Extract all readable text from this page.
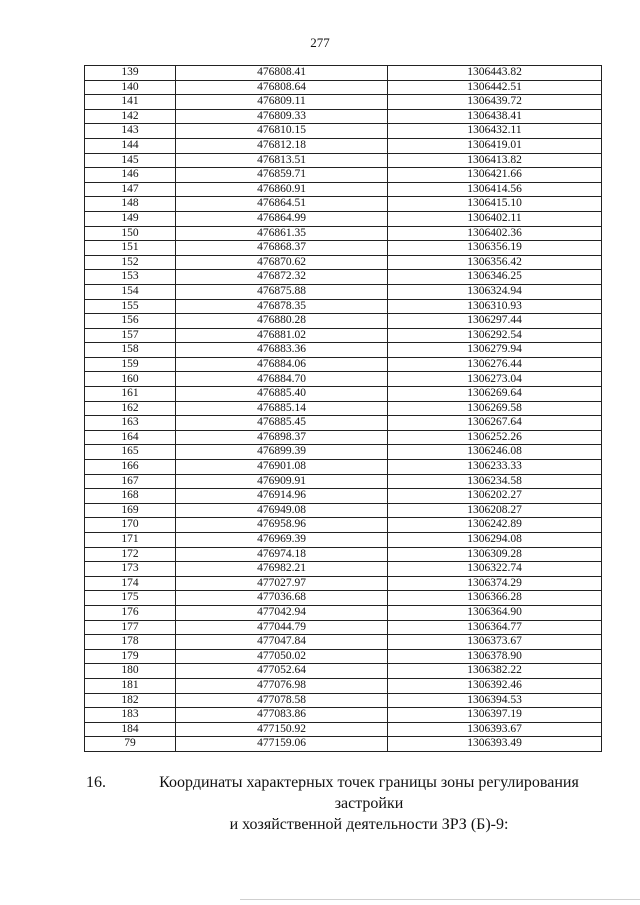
277
139	476808.41	1306443.82
140	476808.64	1306442.51
141	476809.11	1306439.72
142	476809.33	1306438.41
143	476810.15	1306432.11
144	476812.18	1306419.01
145	476813.51	1306413.82
146	476859.71	1306421.66
147	476860.91	1306414.56
148	476864.51	1306415.10
149	476864.99	1306402.11
150	476861.35	1306402.36
151	476868.37	1306356.19
152	476870.62	1306356.42
153	476872.32	1306346.25
154	476875.88	1306324.94
155	476878.35	1306310.93
156	476880.28	1306297.44
157	476881.02	1306292.54
158	476883.36	1306279.94
159	476884.06	1306276.44
160	476884.70	1306273.04
161	476885.40	1306269.64
162	476885.14	1306269.58
163	476885.45	1306267.64
164	476898.37	1306252.26
165	476899.39	1306246.08
166	476901.08	1306233.33
167	476909.91	1306234.58
168	476914.96	1306202.27
169	476949.08	1306208.27
170	476958.96	1306242.89
171	476969.39	1306294.08
172	476974.18	1306309.28
173	476982.21	1306322.74
174	477027.97	1306374.29
175	477036.68	1306366.28
176	477042.94	1306364.90
177	477044.79	1306364.77
178	477047.84	1306373.67
179	477050.02	1306378.90
180	477052.64	1306382.22
181	477076.98	1306392.46
182	477078.58	1306394.53
183	477083.86	1306397.19
184	477150.92	1306393.67
79	477159.06	1306393.49
16.	Координаты характерных точек границы зоны регулирования застройки
и хозяйственной деятельности ЗРЗ (Б)-9:
